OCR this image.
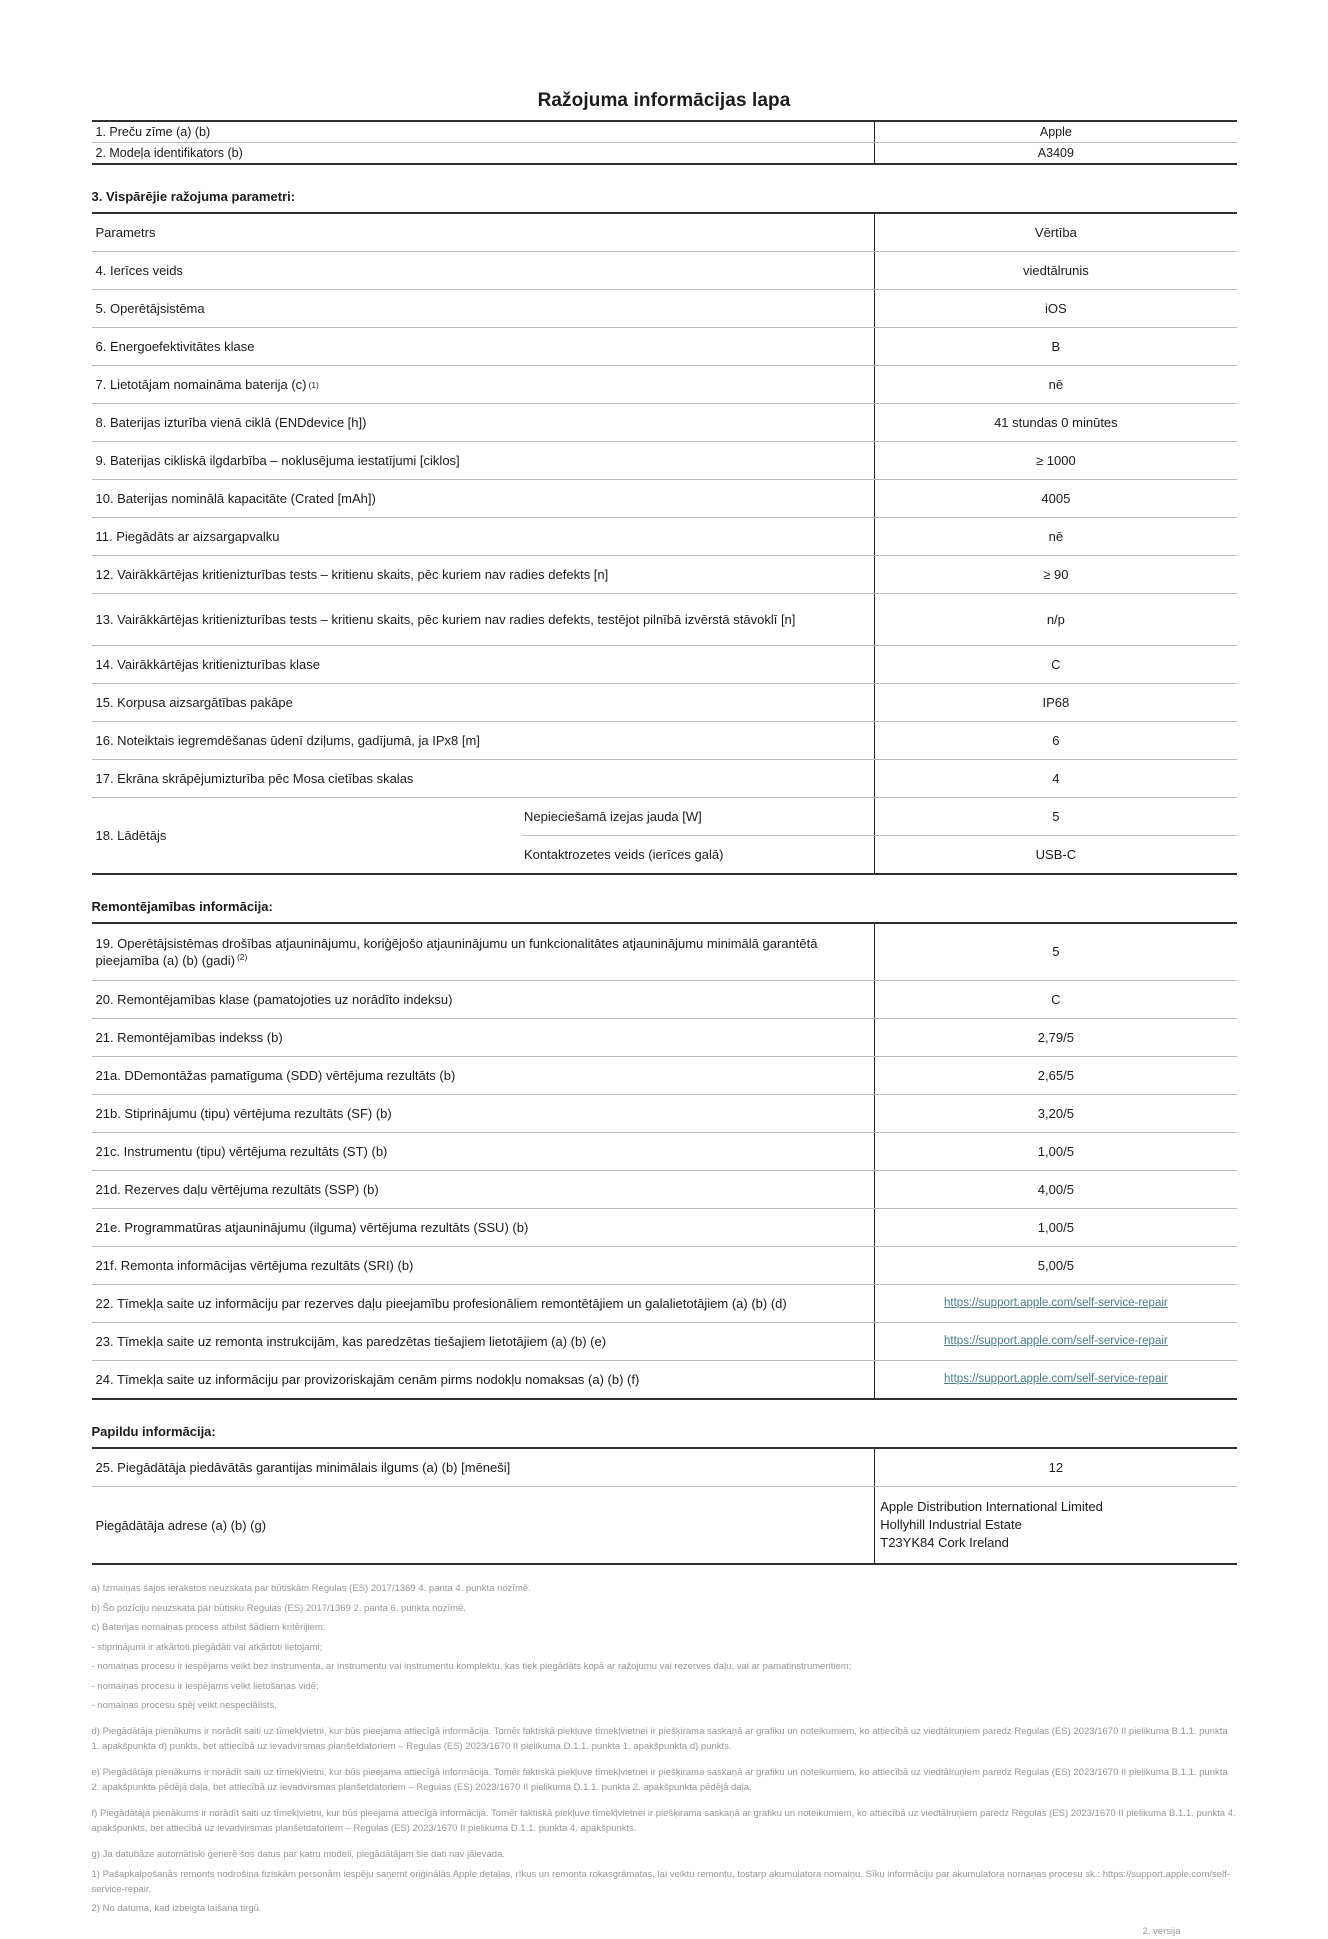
Ražojuma informācijas lapa
1. Preču zīme (a) (b)	Apple
2. Modeļa identifikators (b)	A3409
3. Vispārējie ražojuma parametri:
Parametrs	Vērtība
4. Ierīces veids	viedtālrunis
5. Operētājsistēma	iOS
6. Energoefektivitātes klase	B
7. Lietotājam nomaināma baterija (c) (1)	nē
8. Baterijas izturība vienā ciklā (ENDdevice [h])	41 stundas 0 minūtes
9. Baterijas cikliskā ilgdarbība – noklusējuma iestatījumi [ciklos]	≥ 1000
10. Baterijas nominālā kapacitāte (Crated [mAh])	4005
11. Piegādāts ar aizsargapvalku	nē
12. Vairākkārtējas kritienizturības tests – kritienu skaits, pēc kuriem nav radies defekts [n]	≥ 90
13. Vairākkārtējas kritienizturības tests – kritienu skaits, pēc kuriem nav radies defekts, testējot pilnībā izvērstā stāvoklī [n]	n/p
14. Vairākkārtējas kritienizturības klase	C
15. Korpusa aizsargātības pakāpe	IP68
16. Noteiktais iegremdēšanas ūdenī dziļums, gadījumā, ja IPx8 [m]	6
17. Ekrāna skrāpējumizturība pēc Mosa cietības skalas	4
18. Lādētājs
Nepieciešamā izejas jauda [W]	5
Kontaktrozetes veids (ierīces galā)	USB-C
Remontējamības informācija:
19. Operētājsistēmas drošības atjauninājumu, koriģējošo atjauninājumu un funkcionalitātes atjauninājumu minimālā garantētā pieejamība (a) (b) (gadi) $^{(2)}$	5
20. Remontējamības klase (pamatojoties uz norādīto indeksu)	C
21. Remontējamības indekss (b)	2,79/5
21a. DDemontāžas pamatīguma (SDD) vērtējuma rezultāts (b)	2,65/5
21b. Stiprinājumu (tipu) vērtējuma rezultāts (SF) (b)	3,20/5
21c. Instrumentu (tipu) vērtējuma rezultāts (ST) (b)	1,00/5
21d. Rezerves daļu vērtējuma rezultāts (SSP) (b)	4,00/5
21e. Programmatūras atjauninājumu (ilguma) vērtējuma rezultāts (SSU) (b)	1,00/5
21f. Remonta informācijas vērtējuma rezultāts (SRI) (b)	5,00/5
22. Tīmekļa saite uz informāciju par rezerves daļu pieejamību profesionāliem remontētājiem un galalietotājiem (a) (b) (d)	https://support.apple.com/self-service-repair
23. Tīmekļa saite uz remonta instrukcijām, kas paredzētas tiešajiem lietotājiem (a) (b) (e)	https://support.apple.com/self-service-repair
24. Tīmekļa saite uz informāciju par provizoriskajām cenām pirms nodokļu nomaksas (a) (b) (f)	https://support.apple.com/self-service-repair
Papildu informācija:
25. Piegādātāja piedāvātās garantijas minimālais ilgums (a) (b) [mēneši]	12
Piegādātāja adrese (a) (b) (g)
Apple Distribution International Limited
Hollyhill Industrial Estate
T23YK84 Cork Ireland

a) Izmaiņas šajos ierakstos neuzskata par būtiskām Regulas (ES) 2017/1369 4. panta 4. punkta nozīmē.

b) Šo pozīciju neuzskata par būtisku Regulas (ES) 2017/1369 2. panta 6. punkta nozīmē.

c) Baterijas nomaiņas process atbilst šādiem kritērijiem:

- stiprinājumi ir atkārtoti piegādāti vai atkārtoti lietojami;

- nomaiņas procesu ir iespējams veikt bez instrumenta, ar instrumentu vai instrumentu komplektu, kas tiek piegādāts kopā ar ražojumu vai rezerves daļu, vai ar pamatinstrumentiem;

- nomaiņas procesu ir iespējams veikt lietošanas vidē;

- nomaiņas procesu spēj veikt nespeciālists.

d) Piegādātāja pienākums ir norādīt saiti uz tīmekļvietni, kur būs pieejama attiecīgā informācija. Tomēr faktiskā piekļuve tīmekļvietnei ir piešķirama saskaņā ar grafiku un noteikumiem, ko attiecībā uz viedtālruņiem paredz Regulas (ES) 2023/1670 II pielikuma B.1.1. punkta 1. apakšpunkta d) punkts, bet attiecībā uz ievadvirsmas planšetdatoriem – Regulas (ES) 2023/1670 II pielikuma D.1.1. punkta 1. apakšpunkta d) punkts.

e) Piegādātāja pienākums ir norādīt saiti uz tīmekļvietni, kur būs pieejama attiecīgā informācija. Tomēr faktiskā piekļuve tīmekļvietnei ir piešķirama saskaņā ar grafiku un noteikumiem, ko attiecībā uz viedtālruņiem paredz Regulas (ES) 2023/1670 II pielikuma B.1.1. punkta 2. apakšpunkta pēdējā daļa, bet attiecībā uz ievadvirsmas planšetdatoriem – Regulas (ES) 2023/1670 II pielikuma D.1.1. punkta 2. apakšpunkta pēdējā daļa.

f) Piegādātāja pienākums ir norādīt saiti uz tīmekļvietni, kur būs pieejama attiecīgā informācija. Tomēr faktiskā piekļuve tīmekļvietnei ir piešķirama saskaņā ar grafiku un noteikumiem, ko attiecībā uz viedtālruņiem paredz Regulas (ES) 2023/1670 II pielikuma B.1.1. punkta 4. apakšpunkts, bet attiecībā uz ievadvirsmas planšetdatoriem – Regulas (ES) 2023/1670 II pielikuma D.1.1. punkta 4. apakšpunkts.

g) Ja datubāze automātiski ģenerē šos datus par katru modeli, piegādātājam šie dati nav jāievada.

1) Pašapkalpošanās remonts nodrošina fiziskām personām iespēju saņemt oriģinālās Apple detaļas, rīkus un remonta rokasgrāmatas, lai veiktu remontu, tostarp akumulatora nomaiņu. Sīku informāciju par akumulatora nomaņas procesu sk.: https://support.apple.com/self-service-repair.

2) No datuma, kad izbeigta laišana tirgū.

2. versija
